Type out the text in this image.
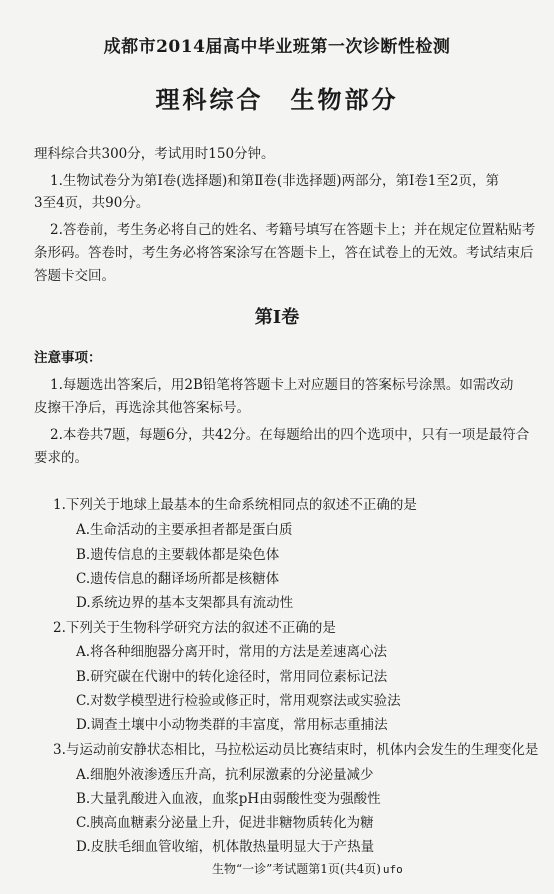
成都市2014届高中毕业班第一次诊断性检测
理科综合　生物部分
理科综合共300分，考试用时150分钟。
1.生物试卷分为第Ⅰ卷(选择题)和第Ⅱ卷(非选择题)两部分，第Ⅰ卷1至2页，第
3至4页，共90分。
2.答卷前，考生务必将自己的姓名、考籍号填写在答题卡上；并在规定位置粘贴考
条形码。答卷时，考生务必将答案涂写在答题卡上，答在试卷上的无效。考试结束后
答题卡交回。
第Ⅰ卷
注意事项：
1.每题选出答案后，用2B铅笔将答题卡上对应题目的答案标号涂黑。如需改动
皮擦干净后，再选涂其他答案标号。
2.本卷共7题，每题6分，共42分。在每题给出的四个选项中，只有一项是最符合
要求的。
1.下列关于地球上最基本的生命系统相同点的叙述不正确的是
A.生命活动的主要承担者都是蛋白质
B.遗传信息的主要载体都是染色体
C.遗传信息的翻译场所都是核糖体
D.系统边界的基本支架都具有流动性
2.下列关于生物科学研究方法的叙述不正确的是
A.将各种细胞器分离开时，常用的方法是差速离心法
B.研究碳在代谢中的转化途径时，常用同位素标记法
C.对数学模型进行检验或修正时，常用观察法或实验法
D.调查土壤中小动物类群的丰富度，常用标志重捕法
3.与运动前安静状态相比，马拉松运动员比赛结束时，机体内会发生的生理变化是
A.细胞外液渗透压升高，抗利尿激素的分泌量减少
B.大量乳酸进入血液，血浆pH由弱酸性变为强酸性
C.胰高血糖素分泌量上升，促进非糖物质转化为糖
D.皮肤毛细血管收缩，机体散热量明显大于产热量
生物“一诊”考试题第1页(共4页) ufo
